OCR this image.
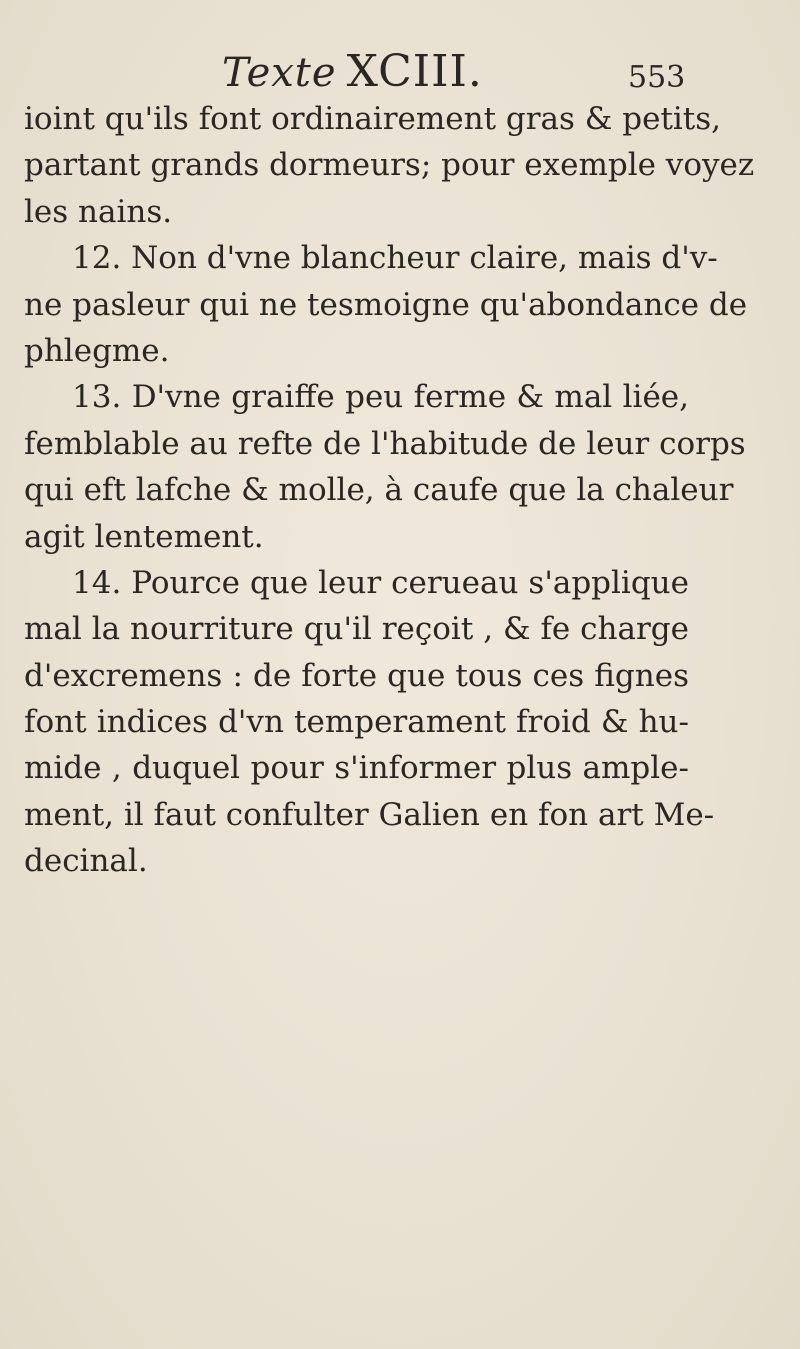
Texte XCIII.	553
ioint qu'ils font ordinairement gras & petits,
partant grands dormeurs; pour exemple voyez
les nains.
12. Non d'vne blancheur claire, mais d'v-
ne pasleur qui ne tesmoigne qu'abondance de
phlegme.
13. D'vne graiffe peu ferme & mal liée,
femblable au refte de l'habitude de leur corps
qui eft lafche & molle, à caufe que la chaleur
agit lentement.
14. Pource que leur cerueau s'applique
mal la nourriture qu'il reçoit , & fe charge
d'excremens : de forte que tous ces fignes
font indices d'vn temperament froid & hu-
mide , duquel pour s'informer plus ample-
ment, il faut confulter Galien en fon art Me-
decinal.
